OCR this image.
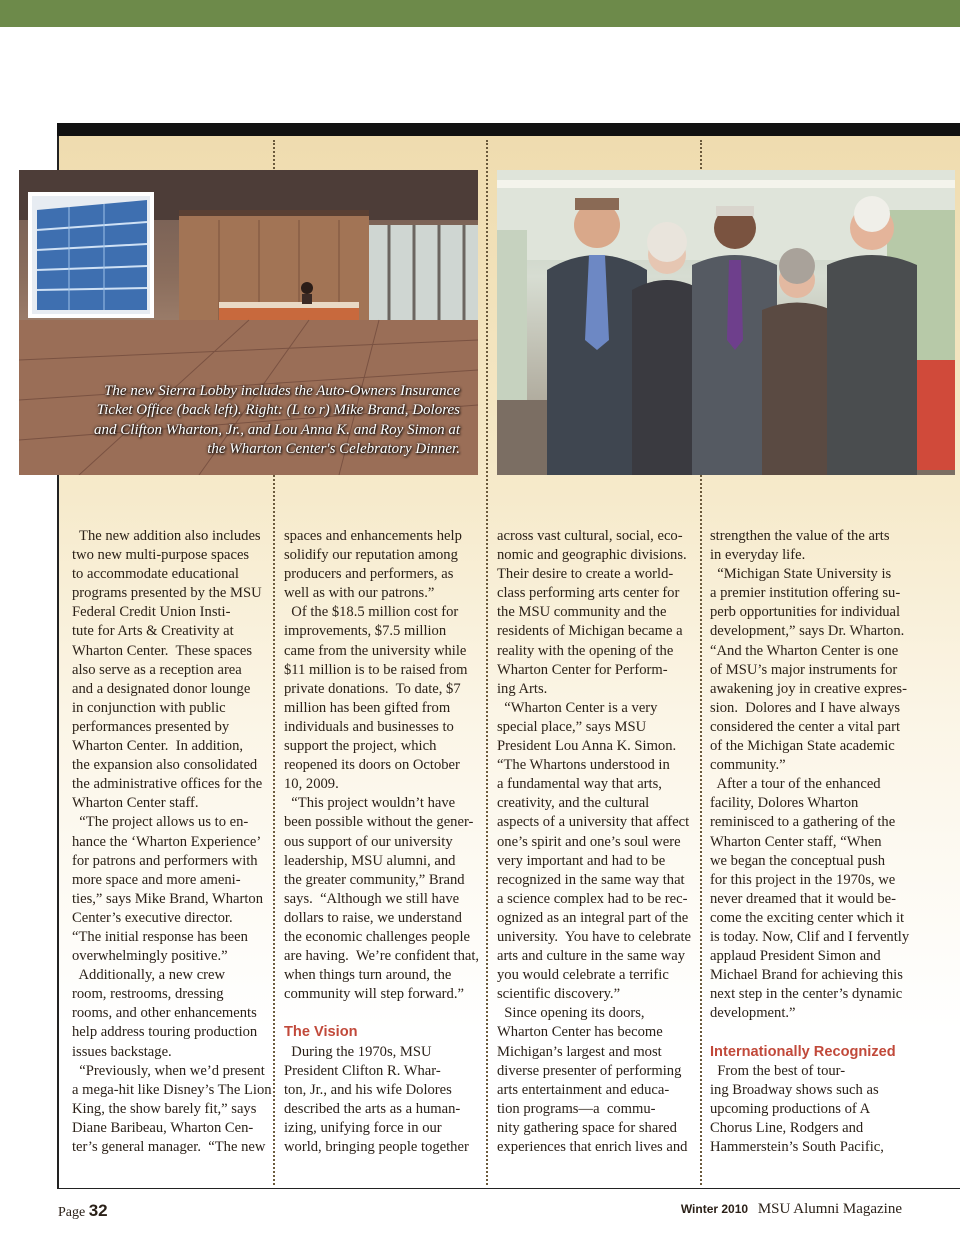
The new Sierra Lobby includes the Auto-Owners Insurance
Ticket Office (back left). Right: (L to r) Mike Brand, Dolores
and Clifton Wharton, Jr., and Lou Anna K. and Roy Simon at
the Wharton Center's Celebratory Dinner.
The new addition also includes
two new multi-purpose spaces
to accommodate educational
programs presented by the MSU
Federal Credit Union Insti-
tute for Arts & Creativity at
Wharton Center.  These spaces
also serve as a reception area
and a designated donor lounge
in conjunction with public
performances presented by
Wharton Center.  In addition,
the expansion also consolidated
the administrative offices for the
Wharton Center staff.
“The project allows us to en-
hance the ‘Wharton Experience’
for patrons and performers with
more space and more ameni-
ties,” says Mike Brand, Wharton
Center’s executive director.
“The initial response has been
overwhelmingly positive.”
Additionally, a new crew
room, restrooms, dressing
rooms, and other enhancements
help address touring production
issues backstage.
“Previously, when we’d present
a mega-hit like Disney’s The Lion
King, the show barely fit,” says
Diane Baribeau, Wharton Cen-
ter’s general manager.  “The new
spaces and enhancements help
solidify our reputation among
producers and performers, as
well as with our patrons.”
Of the $18.5 million cost for
improvements, $7.5 million
came from the university while
$11 million is to be raised from
private donations.  To date, $7
million has been gifted from
individuals and businesses to
support the project, which
reopened its doors on October
10, 2009.
“This project wouldn’t have
been possible without the gener-
ous support of our university
leadership, MSU alumni, and
the greater community,” Brand
says.  “Although we still have
dollars to raise, we understand
the economic challenges people
are having.  We’re confident that,
when things turn around, the
community will step forward.”
The Vision
During the 1970s, MSU
President Clifton R. Whar-
ton, Jr., and his wife Dolores
described the arts as a human-
izing, unifying force in our
world, bringing people together
across vast cultural, social, eco-
nomic and geographic divisions.
Their desire to create a world-
class performing arts center for
the MSU community and the
residents of Michigan became a
reality with the opening of the
Wharton Center for Perform-
ing Arts.
“Wharton Center is a very
special place,” says MSU
President Lou Anna K. Simon.
“The Whartons understood in
a fundamental way that arts,
creativity, and the cultural
aspects of a university that affect
one’s spirit and one’s soul were
very important and had to be
recognized in the same way that
a science complex had to be rec-
ognized as an integral part of the
university.  You have to celebrate
arts and culture in the same way
you would celebrate a terrific
scientific discovery.”
Since opening its doors,
Wharton Center has become
Michigan’s largest and most
diverse presenter of performing
arts entertainment and educa-
tion programs—a  commu-
nity gathering space for shared
experiences that enrich lives and
strengthen the value of the arts
in everyday life.
“Michigan State University is
a premier institution offering su-
perb opportunities for individual
development,” says Dr. Wharton.
“And the Wharton Center is one
of MSU’s major instruments for
awakening joy in creative expres-
sion.  Dolores and I have always
considered the center a vital part
of the Michigan State academic
community.”
After a tour of the enhanced
facility, Dolores Wharton
reminisced to a gathering of the
Wharton Center staff, “When
we began the conceptual push
for this project in the 1970s, we
never dreamed that it would be-
come the exciting center which it
is today. Now, Clif and I fervently
applaud President Simon and
Michael Brand for achieving this
next step in the center’s dynamic
development.”
Internationally Recognized
From the best of tour-
ing Broadway shows such as
upcoming productions of A
Chorus Line, Rodgers and
Hammerstein’s South Pacific,
Page 32	Winter 2010 MSU Alumni Magazine
